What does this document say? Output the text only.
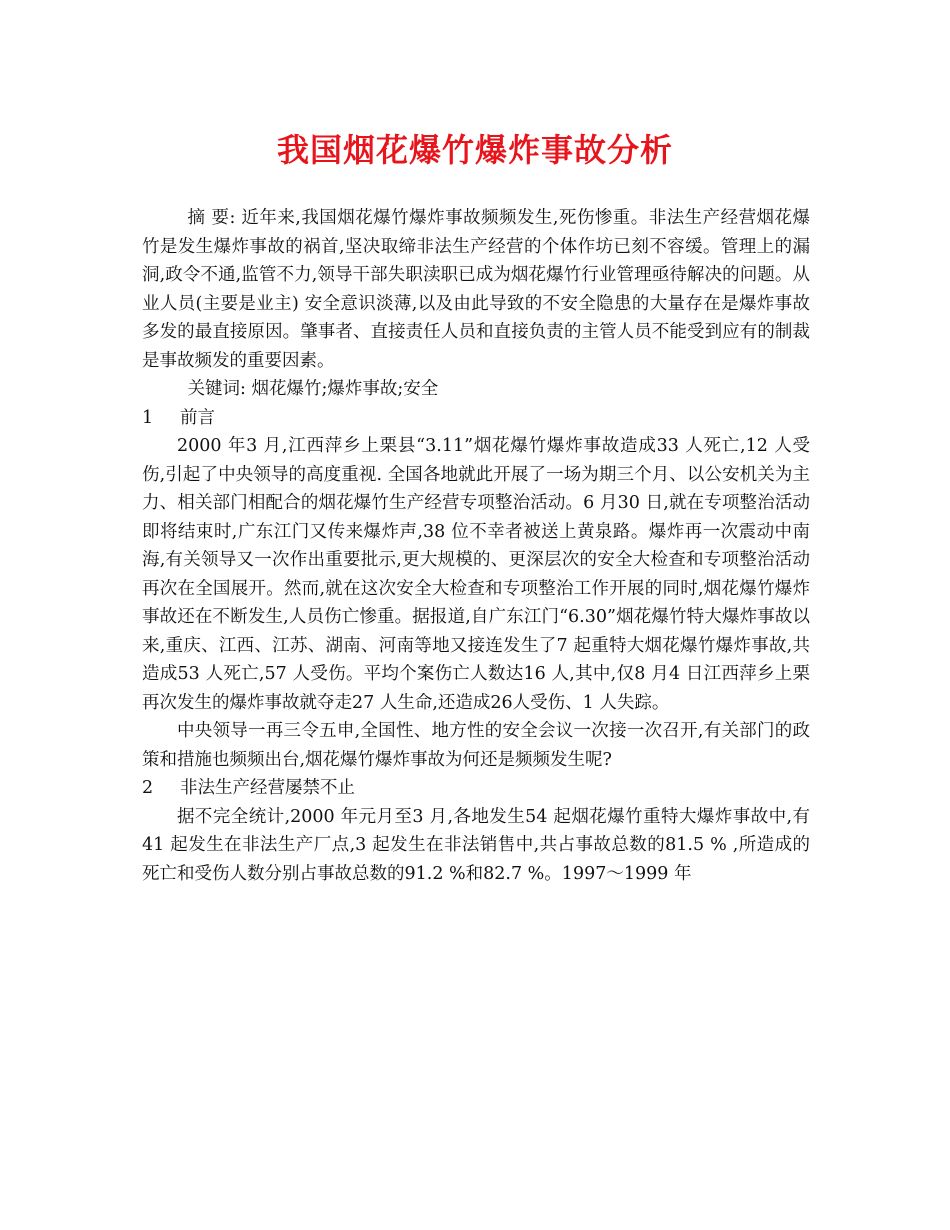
我国烟花爆竹爆炸事故分析

摘 要: 近年来,我国烟花爆竹爆炸事故频频发生,死伤惨重。非法生产经营烟花爆竹是发生爆炸事故的祸首,坚决取缔非法生产经营的个体作坊已刻不容缓。管理上的漏洞,政令不通,监管不力,领导干部失职渎职已成为烟花爆竹行业管理亟待解决的问题。从业人员(主要是业主) 安全意识淡薄,以及由此导致的不安全隐患的大量存在是爆炸事故多发的最直接原因。肇事者、直接责任人员和直接负责的主管人员不能受到应有的制裁是事故频发的重要因素。

关键词: 烟花爆竹;爆炸事故;安全

1	前言

2000 年3 月,江西萍乡上栗县“3.11”烟花爆竹爆炸事故造成33 人死亡,12 人受伤,引起了中央领导的高度重视. 全国各地就此开展了一场为期三个月、以公安机关为主力、相关部门相配合的烟花爆竹生产经营专项整治活动。6 月30 日,就在专项整治活动即将结束时,广东江门又传来爆炸声,38 位不幸者被送上黄泉路。爆炸再一次震动中南海,有关领导又一次作出重要批示,更大规模的、更深层次的安全大检查和专项整治活动再次在全国展开。然而,就在这次安全大检查和专项整治工作开展的同时,烟花爆竹爆炸事故还在不断发生,人员伤亡惨重。据报道,自广东江门“6.30”烟花爆竹特大爆炸事故以来,重庆、江西、江苏、湖南、河南等地又接连发生了7 起重特大烟花爆竹爆炸事故,共造成53 人死亡,57 人受伤。平均个案伤亡人数达16 人,其中,仅8 月4 日江西萍乡上栗再次发生的爆炸事故就夺走27 人生命,还造成26人受伤、1 人失踪。

中央领导一再三令五申,全国性、地方性的安全会议一次接一次召开,有关部门的政策和措施也频频出台,烟花爆竹爆炸事故为何还是频频发生呢?

2	非法生产经营屡禁不止

据不完全统计,2000 年元月至3 月,各地发生54 起烟花爆竹重特大爆炸事故中,有41 起发生在非法生产厂点,3 起发生在非法销售中,共占事故总数的81.5 % ,所造成的死亡和受伤人数分别占事故总数的91.2 %和82.7 %。1997～1999 年
